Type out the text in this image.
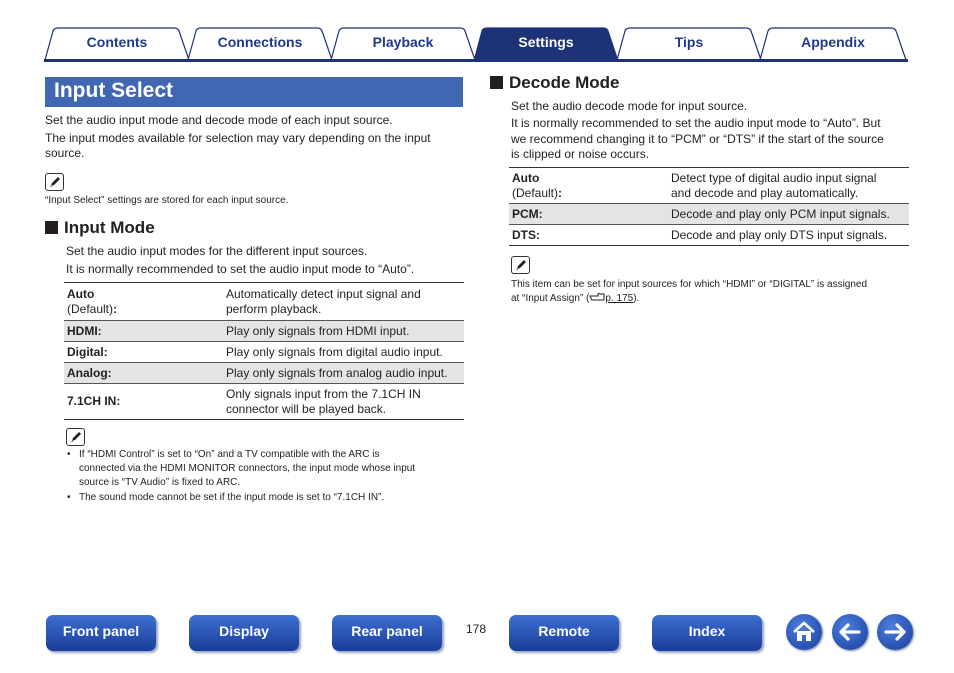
Contents	Connections	Playback	Settings	Tips	Appendix
Input Select
Set the audio input mode and decode mode of each input source.
The input modes available for selection may vary depending on the input
source.
“Input Select” settings are stored for each input source.
Input Mode
Set the audio input modes for the different input sources.
It is normally recommended to set the audio input mode to “Auto”.
Auto
(Default):	Automatically detect input signal and
perform playback.
HDMI:	Play only signals from HDMI input.
Digital:	Play only signals from digital audio input.
Analog:	Play only signals from analog audio input.
7.1CH IN:	Only signals input from the 7.1CH IN
connector will be played back.
• If “HDMI Control” is set to “On” and a TV compatible with the ARC is
connected via the HDMI MONITOR connectors, the input mode whose input
source is “TV Audio” is fixed to ARC.
• The sound mode cannot be set if the input mode is set to “7.1CH IN”.
Decode Mode
Set the audio decode mode for input source.
It is normally recommended to set the audio input mode to “Auto”. But
we recommend changing it to “PCM” or “DTS” if the start of the source
is clipped or noise occurs.
Auto
(Default):	Detect type of digital audio input signal
and decode and play automatically.
PCM:	Decode and play only PCM input signals.
DTS:	Decode and play only DTS input signals.
This item can be set for input sources for which “HDMI” or “DIGITAL” is assigned
at “Input Assign” ( p. 175).
Front panel	Display	Rear panel	178	Remote	Index
